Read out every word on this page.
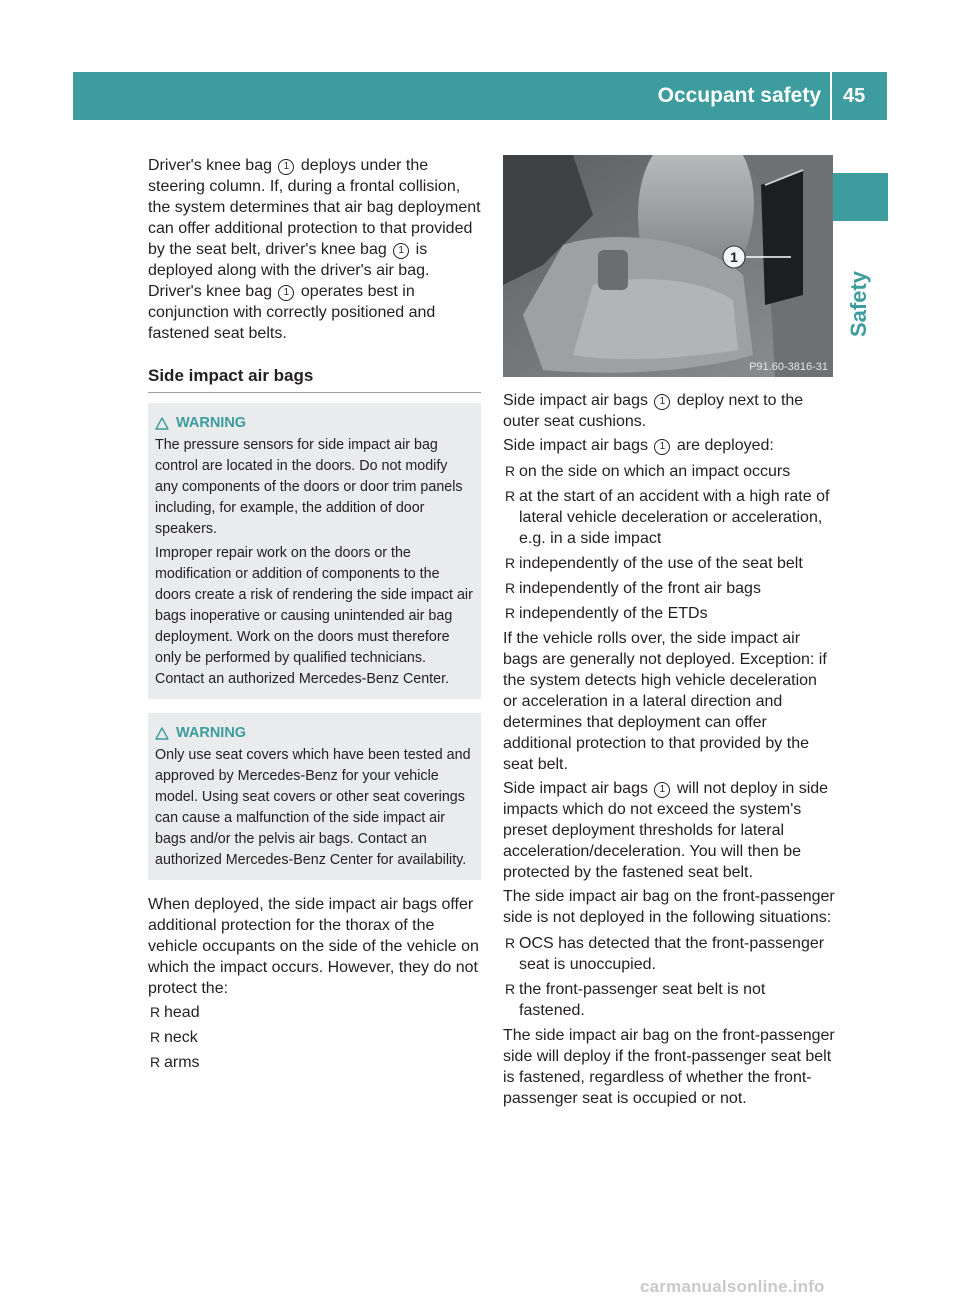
Occupant safety 45
Safety

Driver's knee bag 1 deploys under the steering column. If, during a frontal collision, the system determines that air bag deployment can offer additional protection to that provided by the seat belt, driver's knee bag 1 is deployed along with the driver's air bag. Driver's knee bag 1 operates best in conjunction with correctly positioned and fastened seat belts.

Side impact air bags
WARNING

The pressure sensors for side impact air bag control are located in the doors. Do not modify any components of the doors or door trim panels including, for example, the addition of door speakers.

Improper repair work on the doors or the modification or addition of components to the doors create a risk of rendering the side impact air bags inoperative or causing unintended air bag deployment. Work on the doors must therefore only be performed by qualified technicians. Contact an authorized Mercedes-Benz Center.

WARNING

Only use seat covers which have been tested and approved by Mercedes-Benz for your vehicle model. Using seat covers or other seat coverings can cause a malfunction of the side impact air bags and/or the pelvis air bags. Contact an authorized Mercedes-Benz Center for availability.

When deployed, the side impact air bags offer additional protection for the thorax of the vehicle occupants on the side of the vehicle on which the impact occurs. However, they do not protect the:

R head
R neck
R arms
1
P91.60-3816-31

Side impact air bags 1 deploy next to the outer seat cushions.

Side impact air bags 1 are deployed:

R on the side on which an impact occurs
R at the start of an accident with a high rate of lateral vehicle deceleration or acceleration, e.g. in a side impact
R independently of the use of the seat belt
R independently of the front air bags
R independently of the ETDs

If the vehicle rolls over, the side impact air bags are generally not deployed. Exception: if the system detects high vehicle deceleration or acceleration in a lateral direction and determines that deployment can offer additional protection to that provided by the seat belt.

Side impact air bags 1 will not deploy in side impacts which do not exceed the system's preset deployment thresholds for lateral acceleration/deceleration. You will then be protected by the fastened seat belt.

The side impact air bag on the front-passenger side is not deployed in the following situations:

R OCS has detected that the front-passenger seat is unoccupied.
R the front-passenger seat belt is not fastened.

The side impact air bag on the front-passenger side will deploy if the front-passenger seat belt is fastened, regardless of whether the front-passenger seat is occupied or not.

carmanualsonline.info
